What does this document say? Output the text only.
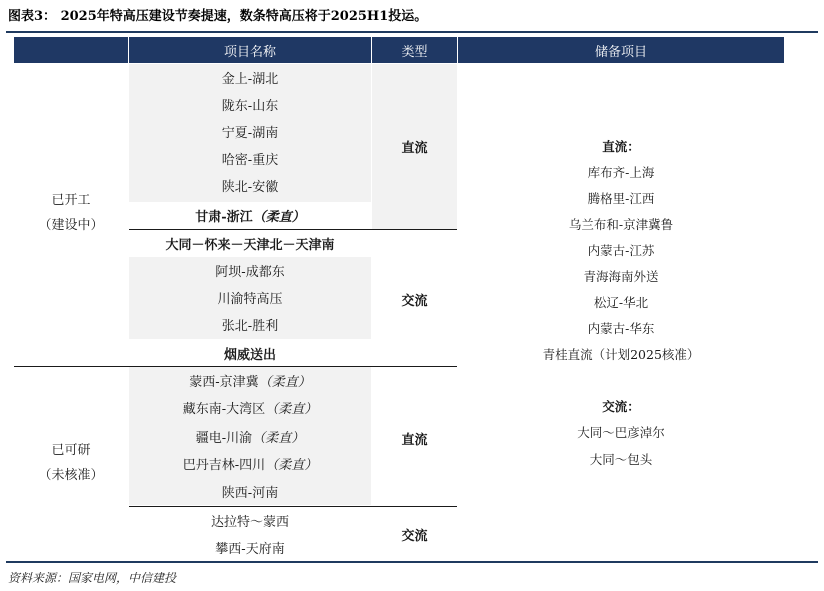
图表3： 2025年特高压建设节奏提速，数条特高压将于2025H1投运。
项目名称	类型	储备项目
已开工
（建设中）
已可研
（未核准）
金上-湖北
陇东-山东
宁夏-湖南
哈密-重庆
陕北-安徽
甘肃-浙江 （柔直）
直流
大同－怀来－天津北－天津南
阿坝-成都东
川渝特高压
张北-胜利
烟威送出
交流
蒙西-京津冀 （柔直）
藏东南-大湾区 （柔直）
疆电-川渝 （柔直）
巴丹吉林-四川 （柔直）
陕西-河南
直流
达拉特～蒙西
攀西-天府南
交流
直流：
库布齐-上海
腾格里-江西
乌兰布和-京津冀鲁
内蒙古-江苏
青海海南外送
松辽-华北
内蒙古-华东
青桂直流（计划2025核准）
交流：
大同～巴彦淖尔
大同～包头
资料来源：国家电网，中信建投
